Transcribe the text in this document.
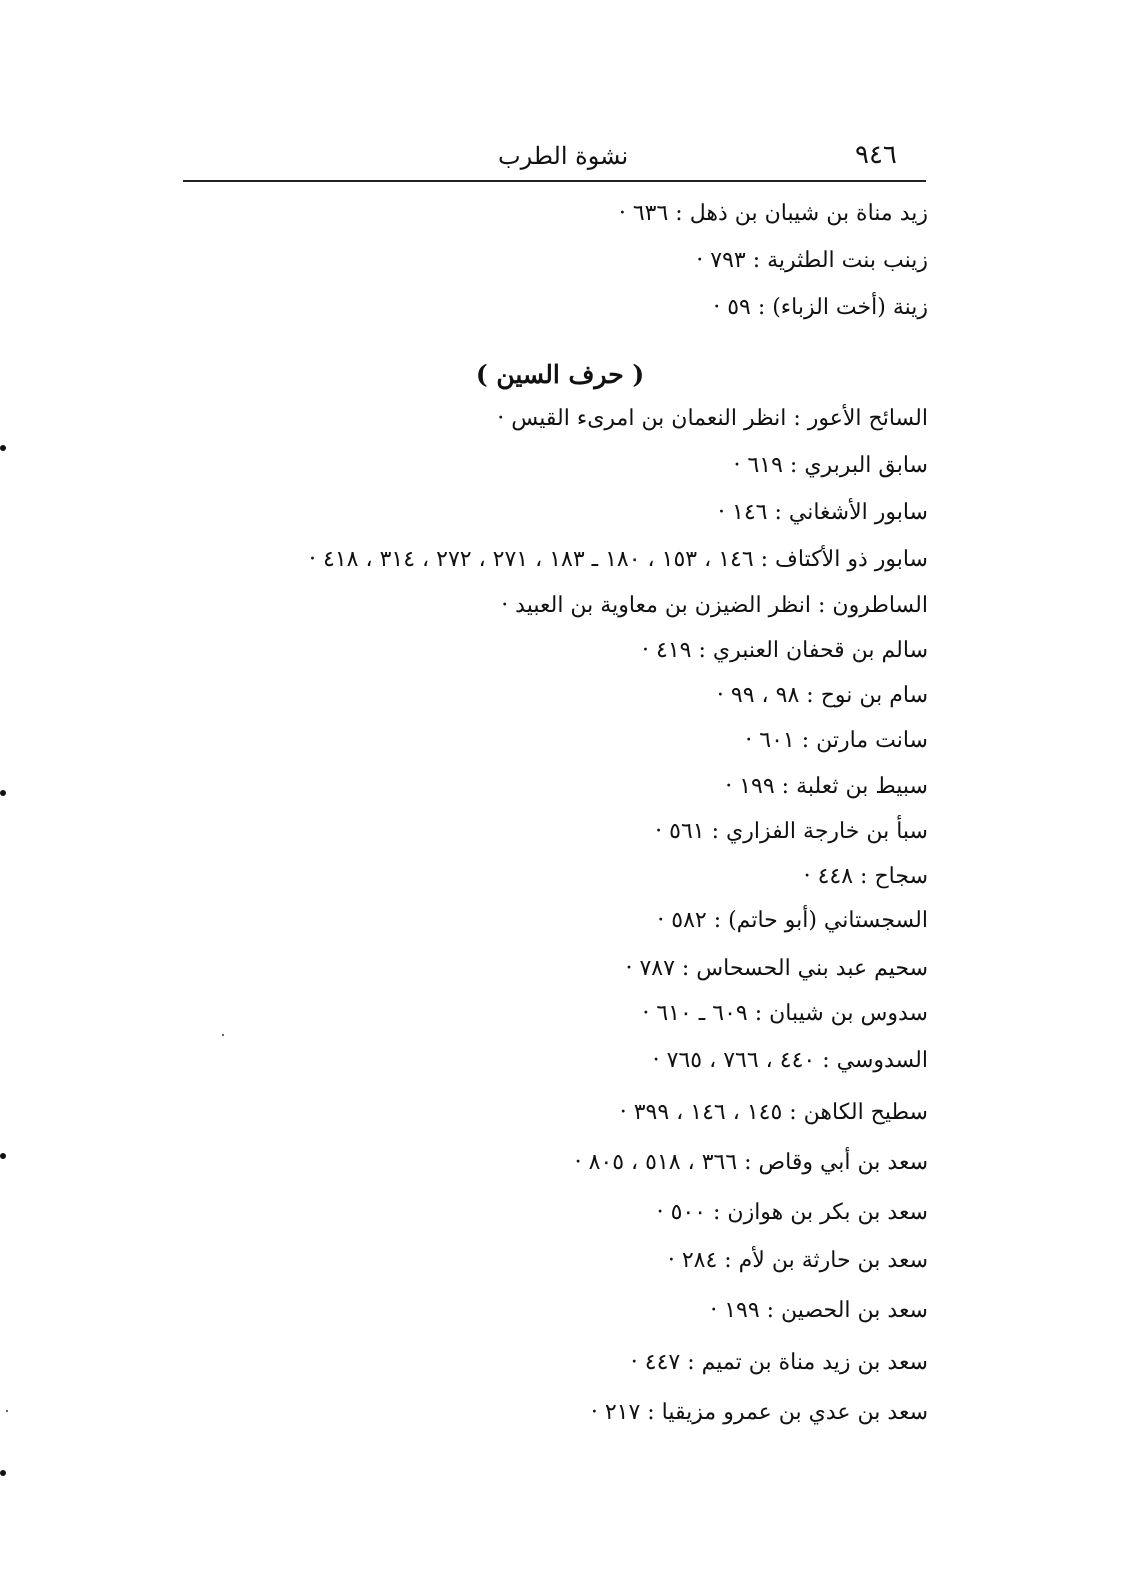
٩٤٦
نشوة الطرب
زيد مناة بن شيبان بن ذهل : ٦٣٦ ·
زينب بنت الطثرية : ٧٩٣ ·
زينة (أخت الزباء) : ٥٩ ·
( حرف السين )
السائح الأعور : انظر النعمان بن امرىء القيس ·
سابق البربري : ٦١٩ ·
سابور الأشغاني : ١٤٦ ·
سابور ذو الأكتاف : ١٤٦ ، ١٥٣ ، ١٨٠ ـ ١٨٣ ، ٢٧١ ، ٢٧٢ ، ٣١٤ ، ٤١٨ ·
الساطرون : انظر الضيزن بن معاوية بن العبيد ·
سالم بن قحفان العنبري : ٤١٩ ·
سام بن نوح : ٩٨ ، ٩٩ ·
سانت مارتن : ٦٠١ ·
سبيط بن ثعلبة : ١٩٩ ·
سبأ بن خارجة الفزاري : ٥٦١ ·
سجاح : ٤٤٨ ·
السجستاني (أبو حاتم) : ٥٨٢ ·
سحيم عبد بني الحسحاس : ٧٨٧ ·
سدوس بن شيبان : ٦٠٩ ـ ٦١٠ ·
السدوسي : ٤٤٠ ، ٧٦٦ ، ٧٦٥ ·
سطيح الكاهن : ١٤٥ ، ١٤٦ ، ٣٩٩ ·
سعد بن أبي وقاص : ٣٦٦ ، ٥١٨ ، ٨٠٥ ·
سعد بن بكر بن هوازن : ٥٠٠ ·
سعد بن حارثة بن لأم : ٢٨٤ ·
سعد بن الحصين : ١٩٩ ·
سعد بن زيد مناة بن تميم : ٤٤٧ ·
سعد بن عدي بن عمرو مزيقيا : ٢١٧ ·
